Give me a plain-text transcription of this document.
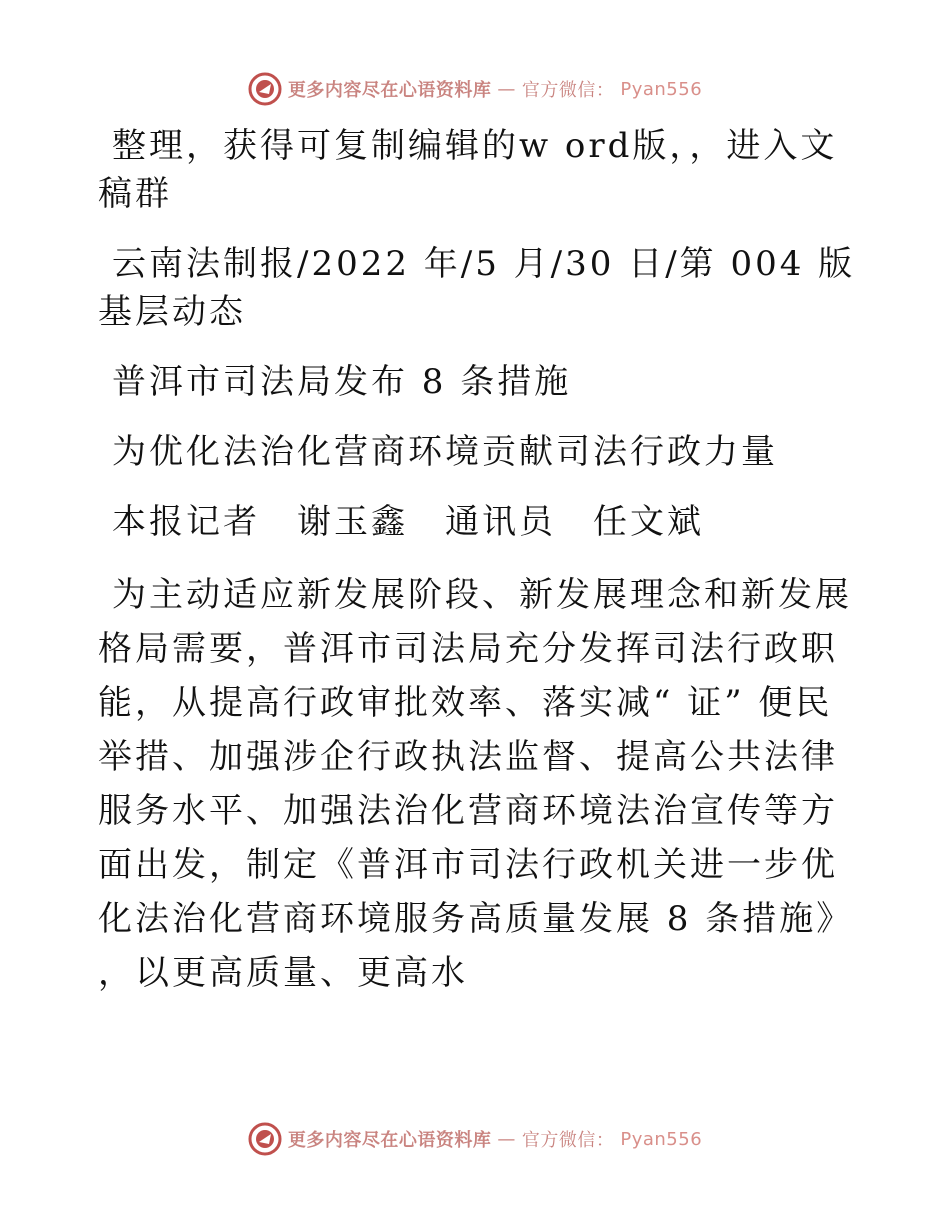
更多内容尽在心语资料库 — 官方微信： Pyan556

整理，获得可复制编辑的w ord版，，进入文稿群

云南法制报/2022 年/5 月/30 日/第 004 版基层动态

普洱市司法局发布 8 条措施

为优化法治化营商环境贡献司法行政力量

本报记者　谢玉鑫　通讯员　任文斌

为主动适应新发展阶段、新发展理念和新发展格局需要，普洱市司法局充分发挥司法行政职能，从提高行政审批效率、落实减“ 证” 便民举措、加强涉企行政执法监督、提高公共法律服务水平、加强法治化营商环境法治宣传等方面出发，制定《普洱市司法行政机关进一步优化法治化营商环境服务高质量发展 8 条措施》 ，以更高质量、更高水

更多内容尽在心语资料库 — 官方微信： Pyan556
